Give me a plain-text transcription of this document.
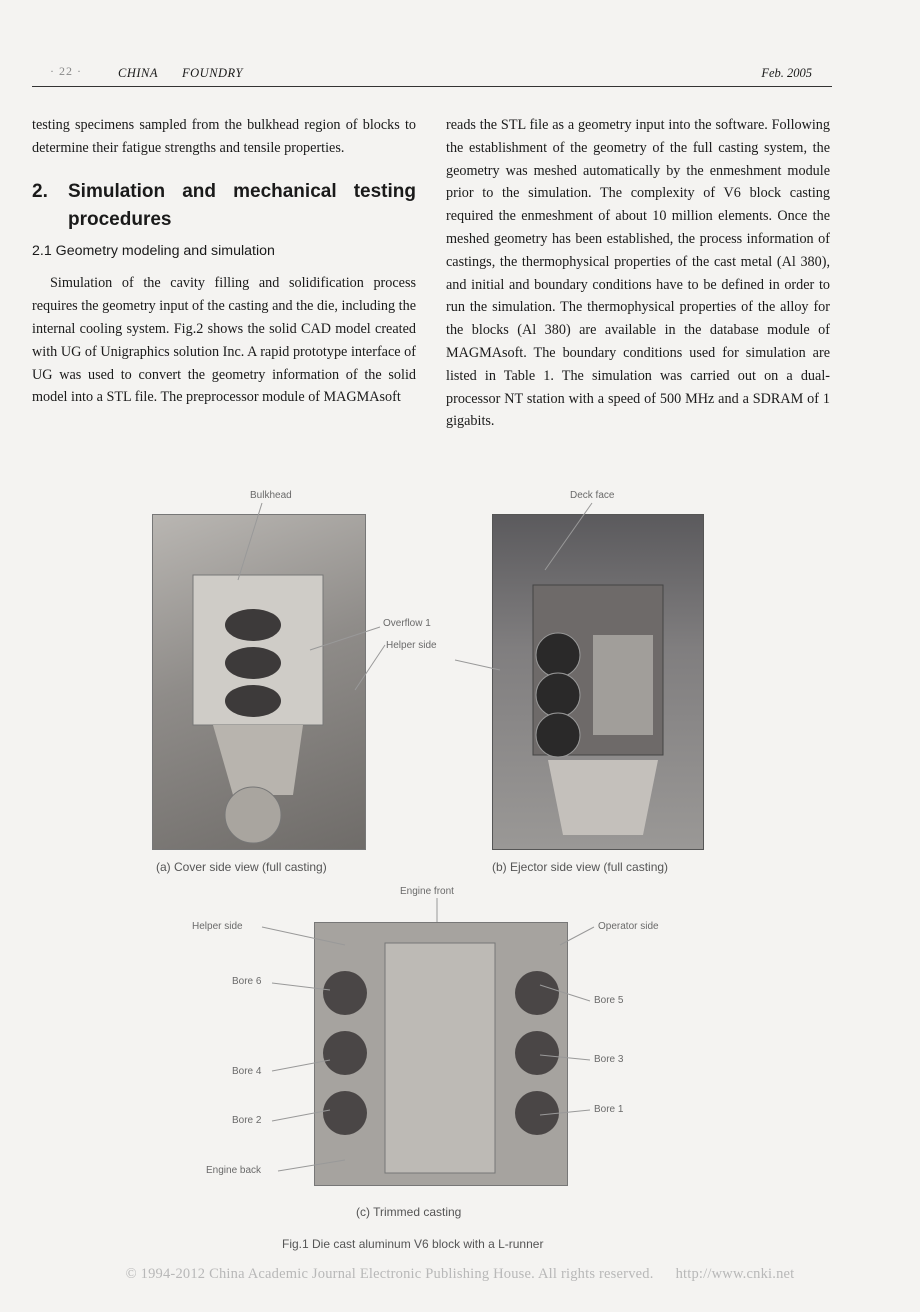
· 22 ·	CHINA FOUNDRY	Feb. 2005

testing specimens sampled from the bulkhead region of blocks to determine their fatigue strengths and tensile properties.

2.	Simulation and mechanical testing procedures
2.1 Geometry modeling and simulation

Simulation of the cavity filling and solidification process requires the geometry input of the casting and the die, including the internal cooling system. Fig.2 shows the solid CAD model created with UG of Unigraphics solution Inc. A rapid prototype interface of UG was used to convert the geometry information of the solid model into a STL file. The preprocessor module of MAGMAsoft

reads the STL file as a geometry input into the software. Following the establishment of the geometry of the full casting system, the geometry was meshed automatically by the enmeshment module prior to the simulation. The complexity of V6 block casting required the enmeshment of about 10 million elements. Once the meshed geometry has been established, the process information of castings, the thermophysical properties of the cast metal (Al 380), and initial and boundary conditions have to be defined in order to run the simulation. The thermophysical properties of the alloy for the blocks (Al 380) are available in the database module of MAGMAsoft. The boundary conditions used for simulation are listed in Table 1. The simulation was carried out on a dual-processor NT station with a speed of 500 MHz and a SDRAM of 1 gigabits.

Bulkhead	Deck face
Overflow 1
Helper side
Engine front
Helper side	Operator side
Bore 6
Bore 5
Bore 4
Bore 3
Bore 2
Bore 1
Engine back
(a) Cover side view (full casting)	(b) Ejector side view (full casting)
(c) Trimmed casting
Fig.1 Die cast aluminum V6 block with a L-runner
© 1994-2012 China Academic Journal Electronic Publishing House. All rights reserved. http://www.cnki.net
